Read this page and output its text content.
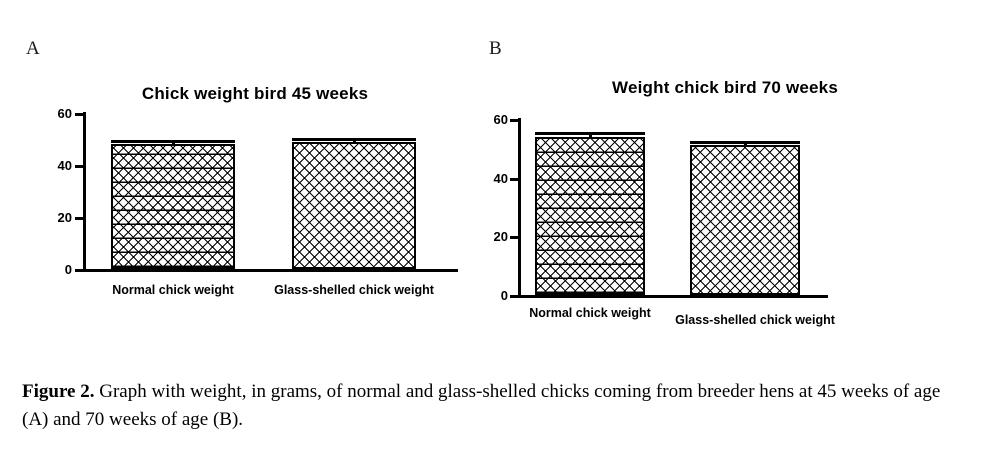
A
Chick weight bird 45 weeks
60
40
20
0
Normal chick weight	Glass-shelled chick weight
B
Weight chick bird 70 weeks
60
40
20
0
Normal chick weight	Glass-shelled chick weight
Figure 2. Graph with weight, in grams, of normal and glass-shelled chicks coming from breeder hens at 45 weeks of age (A) and 70 weeks of age (B).
